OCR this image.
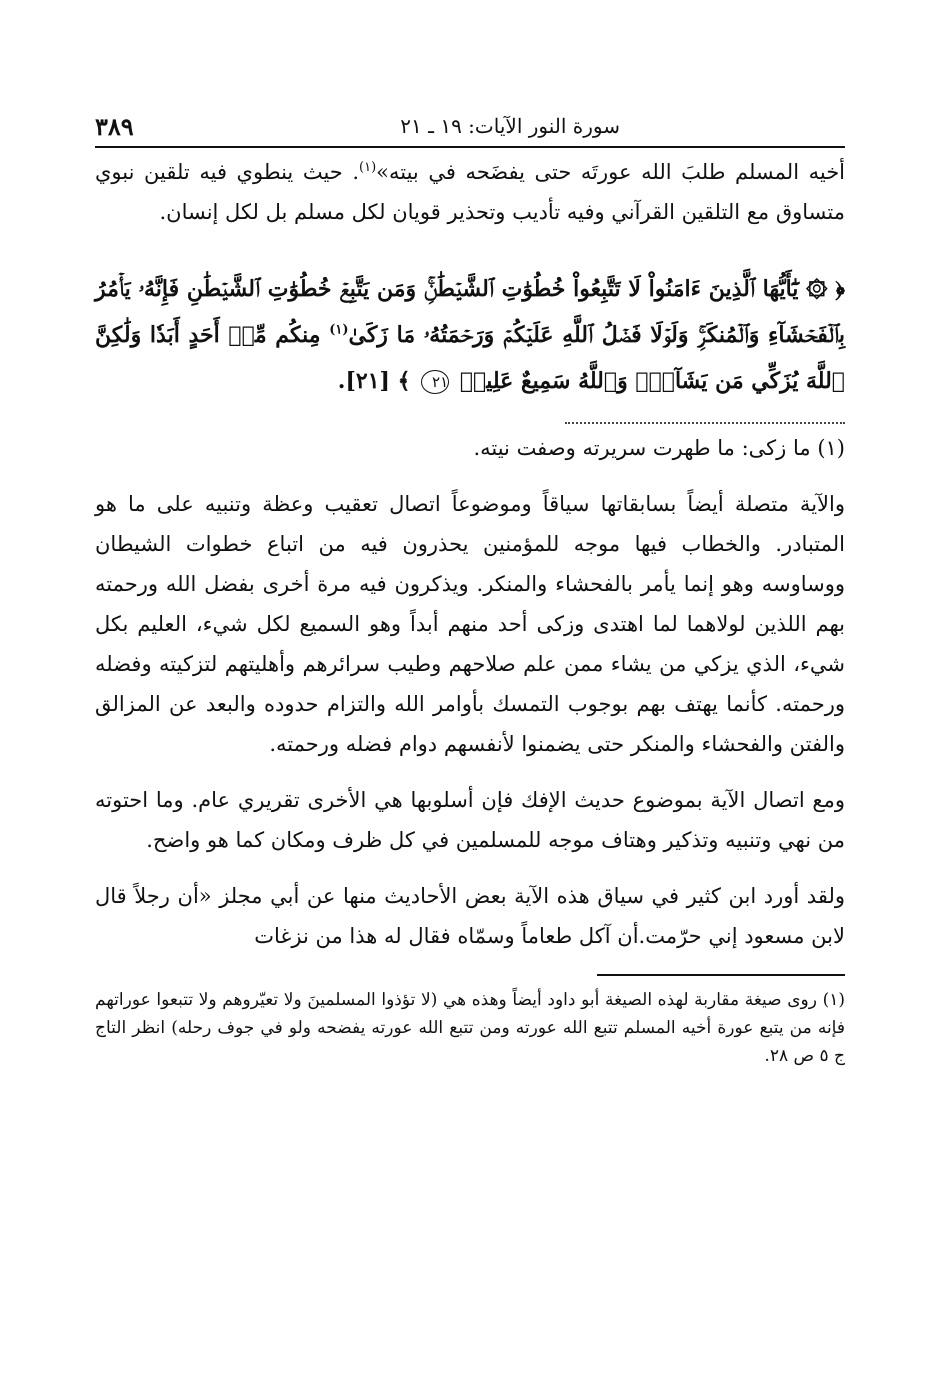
سورة النور الآيات: ١٩ ـ ٢١
٣٨٩

أخيه المسلم طلبَ الله عورتَه حتى يفضَحه في بيته»$^{(١)}$. حيث ينطوي فيه تلقين نبوي متساوق مع التلقين القرآني وفيه تأديب وتحذير قويان لكل مسلم بل لكل إنسان.

﴿ ۞ يَٰٓأَيُّهَا ٱلَّذِينَ ءَامَنُواْ لَا تَتَّبِعُواْ خُطُوَٰتِ ٱلشَّيۡطَٰنِۚ وَمَن يَتَّبِعۡ خُطُوَٰتِ ٱلشَّيۡطَٰنِ فَإِنَّهُۥ يَأۡمُرُ بِٱلۡفَحۡشَآءِ وَٱلۡمُنكَرِۚ وَلَوۡلَا فَضۡلُ ٱللَّهِ عَلَيۡكُمۡ وَرَحۡمَتُهُۥ مَا زَكَىٰ$^{(١)}$ مِنكُم مِّنۡ أَحَدٍ أَبَدٗا وَلَٰكِنَّ ٱللَّهَ يُزَكِّي مَن يَشَآءُۗ وَٱللَّهُ سَمِيعٌ عَلِيمٞ ٢١ ﴾ [٢١].

(١) ما زكى: ما طهرت سريرته وصفت نيته.

والآية متصلة أيضاً بسابقاتها سياقاً وموضوعاً اتصال تعقيب وعظة وتنبيه على ما هو المتبادر. والخطاب فيها موجه للمؤمنين يحذرون فيه من اتباع خطوات الشيطان ووساوسه وهو إنما يأمر بالفحشاء والمنكر. ويذكرون فيه مرة أخرى بفضل الله ورحمته بهم اللذين لولاهما لما اهتدى وزكى أحد منهم أبداً وهو السميع لكل شيء، العليم بكل شيء، الذي يزكي من يشاء ممن علم صلاحهم وطيب سرائرهم وأهليتهم لتزكيته وفضله ورحمته. كأنما يهتف بهم بوجوب التمسك بأوامر الله والتزام حدوده والبعد عن المزالق والفتن والفحشاء والمنكر حتى يضمنوا لأنفسهم دوام فضله ورحمته.

ومع اتصال الآية بموضوع حديث الإفك فإن أسلوبها هي الأخرى تقريري عام. وما احتوته من نهي وتنبيه وتذكير وهتاف موجه للمسلمين في كل ظرف ومكان كما هو واضح.

ولقد أورد ابن كثير في سياق هذه الآية بعض الأحاديث منها عن أبي مجلز «أن رجلاً قال لابن مسعود إني حرّمت.أن آكل طعاماً وسمّاه فقال له هذا من نزغات

(١) روى صيغة مقاربة لهذه الصيغة أبو داود أيضاً وهذه هي (لا تؤذوا المسلمينَ ولا تعيّروهم ولا تتبعوا عوراتهم فإنه من يتبع عورة أخيه المسلم تتبع الله عورته ومن تتبع الله عورته يفضحه ولو في جوف رحله) انظر التاج ج ٥ ص ٢٨.
